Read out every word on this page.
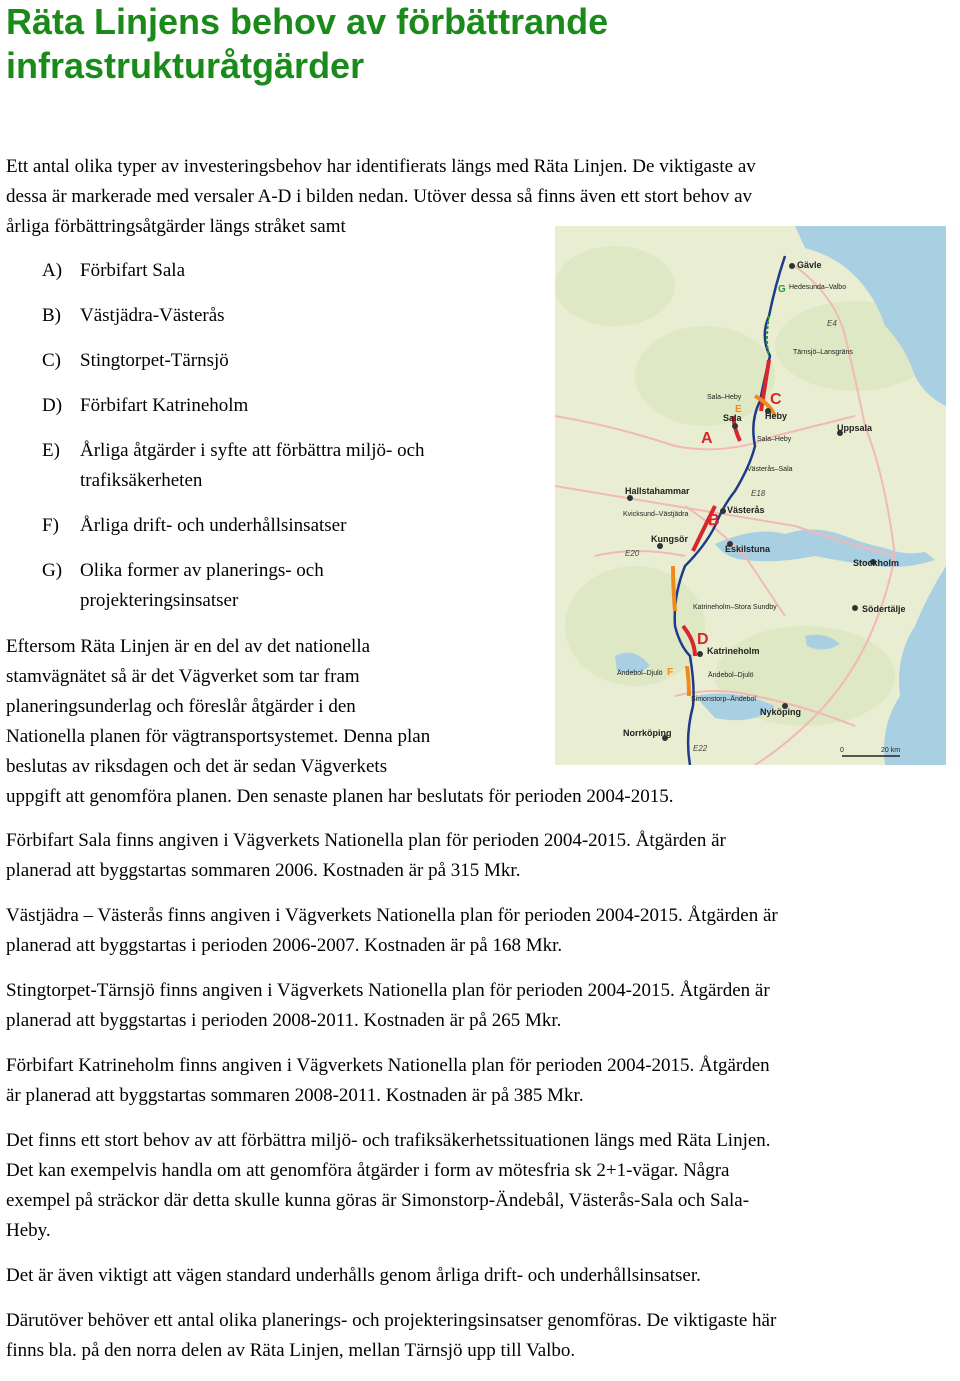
Räta Linjens behov av förbättrande
infrastrukturåtgärder

Ett antal olika typer av investeringsbehov har identifierats längs med Räta Linjen. De viktigaste av
dessa är markerade med versaler A-D i bilden nedan. Utöver dessa så finns även ett stort behov av
årliga förbättringsåtgärder längs stråket samt

A) Förbifart Sala
B) Västjädra-Västerås
C) Stingtorpet-Tärnsjö
D) Förbifart Katrineholm
E) Årliga åtgärder i syfte att förbättra miljö- och
trafiksäkerheten
F) Årliga drift- och underhållsinsatser
G) Olika former av planerings- och
projekteringsinsatser

Eftersom Räta Linjen är en del av det nationella
stamvägnätet så är det Vägverket som tar fram
planeringsunderlag och föreslår åtgärder i den
Nationella planen för vägtransportsystemet. Denna plan
beslutas av riksdagen och det är sedan Vägverkets
uppgift att genomföra planen. Den senaste planen har beslutats för perioden 2004-2015.

Förbifart Sala finns angiven i Vägverkets Nationella plan för perioden 2004-2015. Åtgärden är
planerad att byggstartas sommaren 2006. Kostnaden är på 315 Mkr.

Västjädra – Västerås finns angiven i Vägverkets Nationella plan för perioden 2004-2015. Åtgärden är
planerad att byggstartas i perioden 2006-2007. Kostnaden är på 168 Mkr.

Stingtorpet-Tärnsjö finns angiven i Vägverkets Nationella plan för perioden 2004-2015. Åtgärden är
planerad att byggstartas i perioden 2008-2011. Kostnaden är på 265 Mkr.

Förbifart Katrineholm finns angiven i Vägverkets Nationella plan för perioden 2004-2015. Åtgärden
är planerad att byggstartas sommaren 2008-2011. Kostnaden är på 385 Mkr.

Det finns ett stort behov av att förbättra miljö- och trafiksäkerhetssituationen längs med Räta Linjen.
Det kan exempelvis handla om att genomföra åtgärder i form av mötesfria sk 2+1-vägar. Några
exempel på sträckor där detta skulle kunna göras är Simonstorp-Ändebål, Västerås-Sala och Sala-
Heby.

Det är även viktigt att vägen standard underhålls genom årliga drift- och underhållsinsatser.

Därutöver behöver ett antal olika planerings- och projekteringsinsatser genomföras. De viktigaste här
finns bla. på den norra delen av Räta Linjen, mellan Tärnsjö upp till Valbo.

Gävle
Uppsala
Sala	Heby
Hallstahammar
Västerås
Kungsör
Eskilstuna
Stockholm
Södertälje
Katrineholm
Nyköping
Norrköping
Hedesunda–Valbo
Tärnsjö–Lansgräns
Sala–Heby
Sala–Heby
Västerås–Sala
Kvicksund–Västjädra
Katrineholm–Stora Sundby
Ändebol–Djulö	Ändebol–Djulö
Simonstorp–Ändebol
A
B
C
D
E
F
G
E4
E18
E20
E22	0	20 km
